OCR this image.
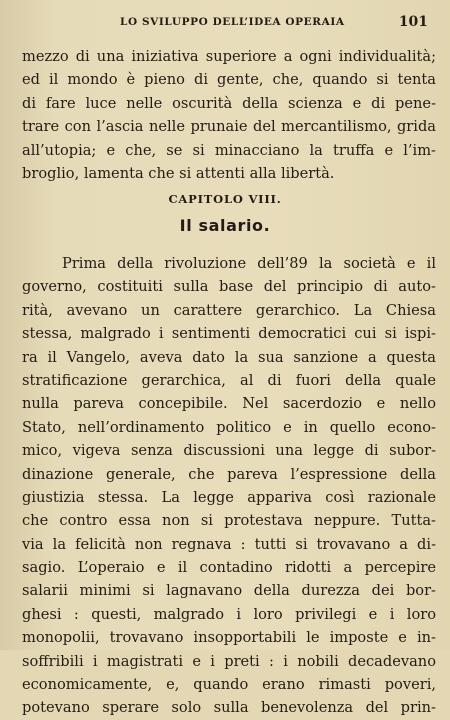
LO SVILUPPO DELL’IDEA OPERAIA	101
mezzo di una iniziativa superiore a ogni individualità;
ed il mondo è pieno di gente, che, quando si tenta
di fare luce nelle oscurità della scienza e di pene-
trare con l’ascia nelle prunaie del mercantilismo, grida
all’utopia; e che, se si minacciano la truffa e l’im-
broglio, lamenta che si attenti alla libertà.
CAPITOLO VIII.
Il salario.
Prima della rivoluzione dell’89 la società e il
governo, costituiti sulla base del principio di auto-
rità, avevano un carattere gerarchico. La Chiesa
stessa, malgrado i sentimenti democratici cui si ispi-
ra il Vangelo, aveva dato la sua sanzione a questa
stratificazione gerarchica, al di fuori della quale
nulla pareva concepibile. Nel sacerdozio e nello
Stato, nell’ordinamento politico e in quello econo-
mico, vigeva senza discussioni una legge di subor-
dinazione generale, che pareva l’espressione della
giustizia stessa. La legge appariva così razionale
che contro essa non si protestava neppure. Tutta-
via la felicità non regnava : tutti si trovavano a di-
sagio. L’operaio e il contadino ridotti a percepire
salarii minimi si lagnavano della durezza dei bor-
ghesi : questi, malgrado i loro privilegi e i loro
monopolii, trovavano insopportabili le imposte e in-
soffribili i magistrati e i preti : i nobili decadevano
economicamente, e, quando erano rimasti poveri,
potevano sperare solo sulla benevolenza del prin-
